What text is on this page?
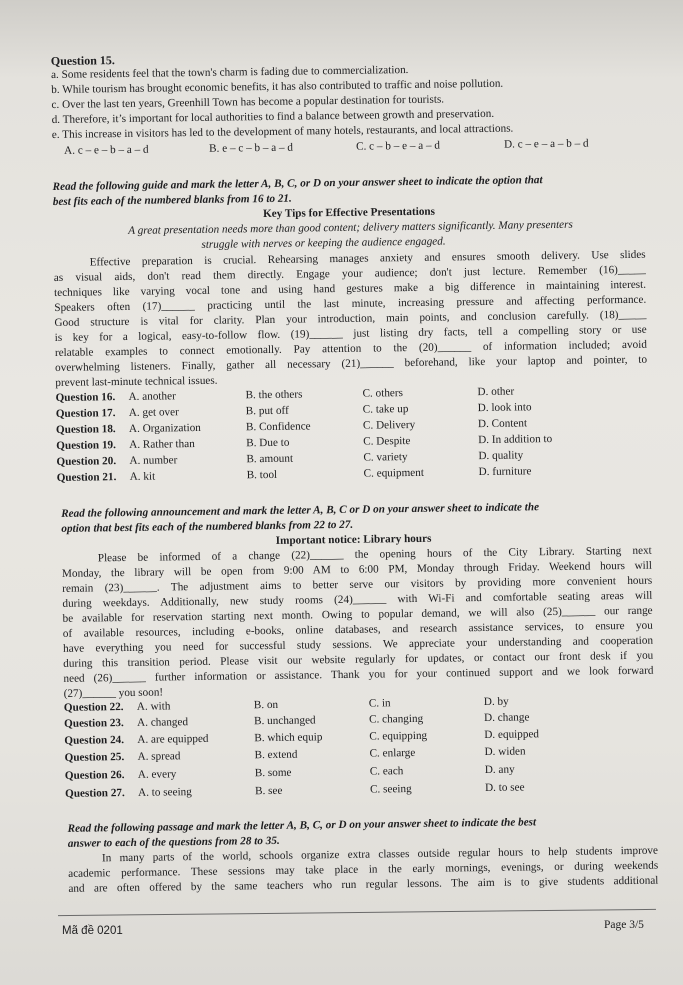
Question 15.
a. Some residents feel that the town's charm is fading due to commercialization.
b. While tourism has brought economic benefits, it has also contributed to traffic and noise pollution.
c. Over the last ten years, Greenhill Town has become a popular destination for tourists.
d. Therefore, it’s important for local authorities to find a balance between growth and preservation.
e. This increase in visitors has led to the development of many hotels, restaurants, and local attractions.
A. c – e – b – a – d	B. e – c – b – a – d	C. c – b – e – a – d	D. c – e – a – b – d
Read the following guide and mark the letter A, B, C, or D on your answer sheet to indicate the option that
best fits each of the numbered blanks from 16 to 21.
Key Tips for Effective Presentations
A great presentation needs more than good content; delivery matters significantly. Many presenters
struggle with nerves or keeping the audience engaged.
Effective preparation is crucial. Rehearsing manages anxiety and ensures smooth delivery. Use slides
as visual aids, don't read them directly. Engage your audience; don't just lecture. Remember (16)_____
techniques like varying vocal tone and using hand gestures make a big difference in maintaining interest.
Speakers often (17)______ practicing until the last minute, increasing pressure and affecting performance.
Good structure is vital for clarity. Plan your introduction, main points, and conclusion carefully. (18)_____
is key for a logical, easy-to-follow flow. (19)______ just listing dry facts, tell a compelling story or use
relatable examples to connect emotionally. Pay attention to the (20)______ of information included; avoid
overwhelming listeners. Finally, gather all necessary (21)______ beforehand, like your laptop and pointer, to
prevent last-minute technical issues.
Question 16. A. another	B. the others	C. others	D. other
Question 17. A. get over	B. put off	C. take up	D. look into
Question 18. A. Organization	B. Confidence	C. Delivery	D. Content
Question 19. A. Rather than	B. Due to	C. Despite	D. In addition to
Question 20. A. number	B. amount	C. variety	D. quality
Question 21. A. kit	B. tool	C. equipment	D. furniture
Read the following announcement and mark the letter A, B, C or D on your answer sheet to indicate the
option that best fits each of the numbered blanks from 22 to 27.
Important notice: Library hours
Please be informed of a change (22)______ the opening hours of the City Library. Starting next
Monday, the library will be open from 9:00 AM to 6:00 PM, Monday through Friday. Weekend hours will
remain (23)______. The adjustment aims to better serve our visitors by providing more convenient hours
during weekdays. Additionally, new study rooms (24)______ with Wi-Fi and comfortable seating areas will
be available for reservation starting next month. Owing to popular demand, we will also (25)______ our range
of available resources, including e-books, online databases, and research assistance services, to ensure you
have everything you need for successful study sessions. We appreciate your understanding and cooperation
during this transition period. Please visit our website regularly for updates, or contact our front desk if you
need (26)______ further information or assistance. Thank you for your continued support and we look forward
(27)______ you soon!
Question 22. A. with	B. on	C. in	D. by
Question 23. A. changed	B. unchanged	C. changing	D. change
Question 24. A. are equipped	B. which equip	C. equipping	D. equipped
Question 25. A. spread	B. extend	C. enlarge	D. widen
Question 26. A. every	B. some	C. each	D. any
Question 27. A. to seeing	B. see	C. seeing	D. to see
Read the following passage and mark the letter A, B, C, or D on your answer sheet to indicate the best
answer to each of the questions from 28 to 35.
In many parts of the world, schools organize extra classes outside regular hours to help students improve
academic performance. These sessions may take place in the early mornings, evenings, or during weekends
and are often offered by the same teachers who run regular lessons. The aim is to give students additional
Mã đề 0201	Page 3/5
